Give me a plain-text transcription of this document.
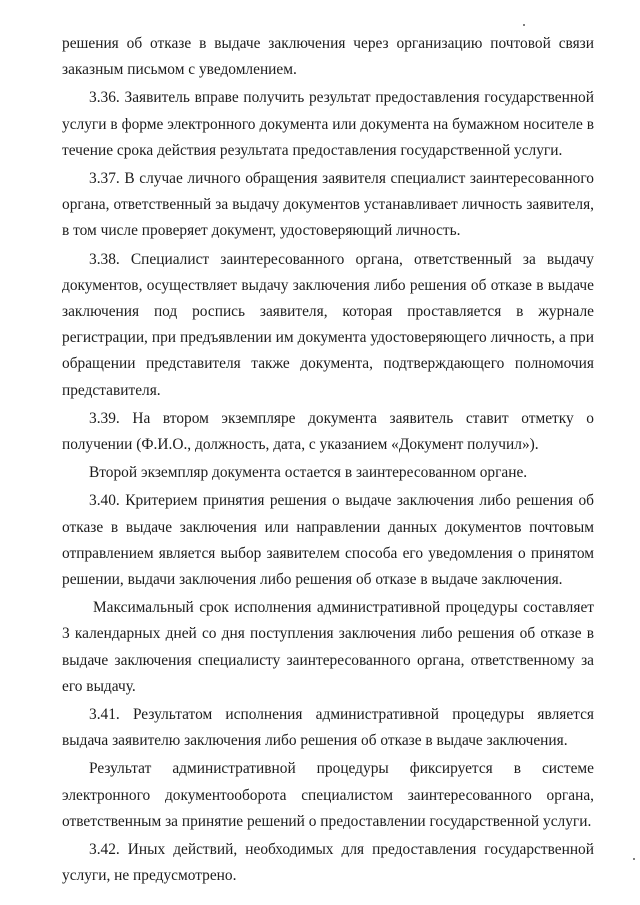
решения об отказе в выдаче заключения через организацию почтовой связи заказным письмом с уведомлением.

3.36. Заявитель вправе получить результат предоставления государственной услуги в форме электронного документа или документа на бумажном носителе в течение срока действия результата предоставления государственной услуги.

3.37. В случае личного обращения заявителя специалист заинтересованного органа, ответственный за выдачу документов устанавливает личность заявителя, в том числе проверяет документ, удостоверяющий личность.

3.38. Специалист заинтересованного органа, ответственный за выдачу документов, осуществляет выдачу заключения либо решения об отказе в выдаче заключения под роспись заявителя, которая проставляется в журнале регистрации, при предъявлении им документа удостоверяющего личность, а при обращении представителя также документа, подтверждающего полномочия представителя.

3.39. На втором экземпляре документа заявитель ставит отметку о получении (Ф.И.О., должность, дата, с указанием «Документ получил»).

Второй экземпляр документа остается в заинтересованном органе.

3.40. Критерием принятия решения о выдаче заключения либо решения об отказе в выдаче заключения или направлении данных документов почтовым отправлением является выбор заявителем способа его уведомления о принятом решении, выдачи заключения либо решения об отказе в выдаче заключения.

Максимальный срок исполнения административной процедуры составляет 3 календарных дней со дня поступления заключения либо решения об отказе в выдаче заключения специалисту заинтересованного органа, ответственному за его выдачу.

3.41. Результатом исполнения административной процедуры является выдача заявителю заключения либо решения об отказе в выдаче заключения.

Результат административной процедуры фиксируется в системе электронного документооборота специалистом заинтересованного органа, ответственным за принятие решений о предоставлении государственной услуги.

3.42. Иных действий, необходимых для предоставления государственной услуги, не предусмотрено.
